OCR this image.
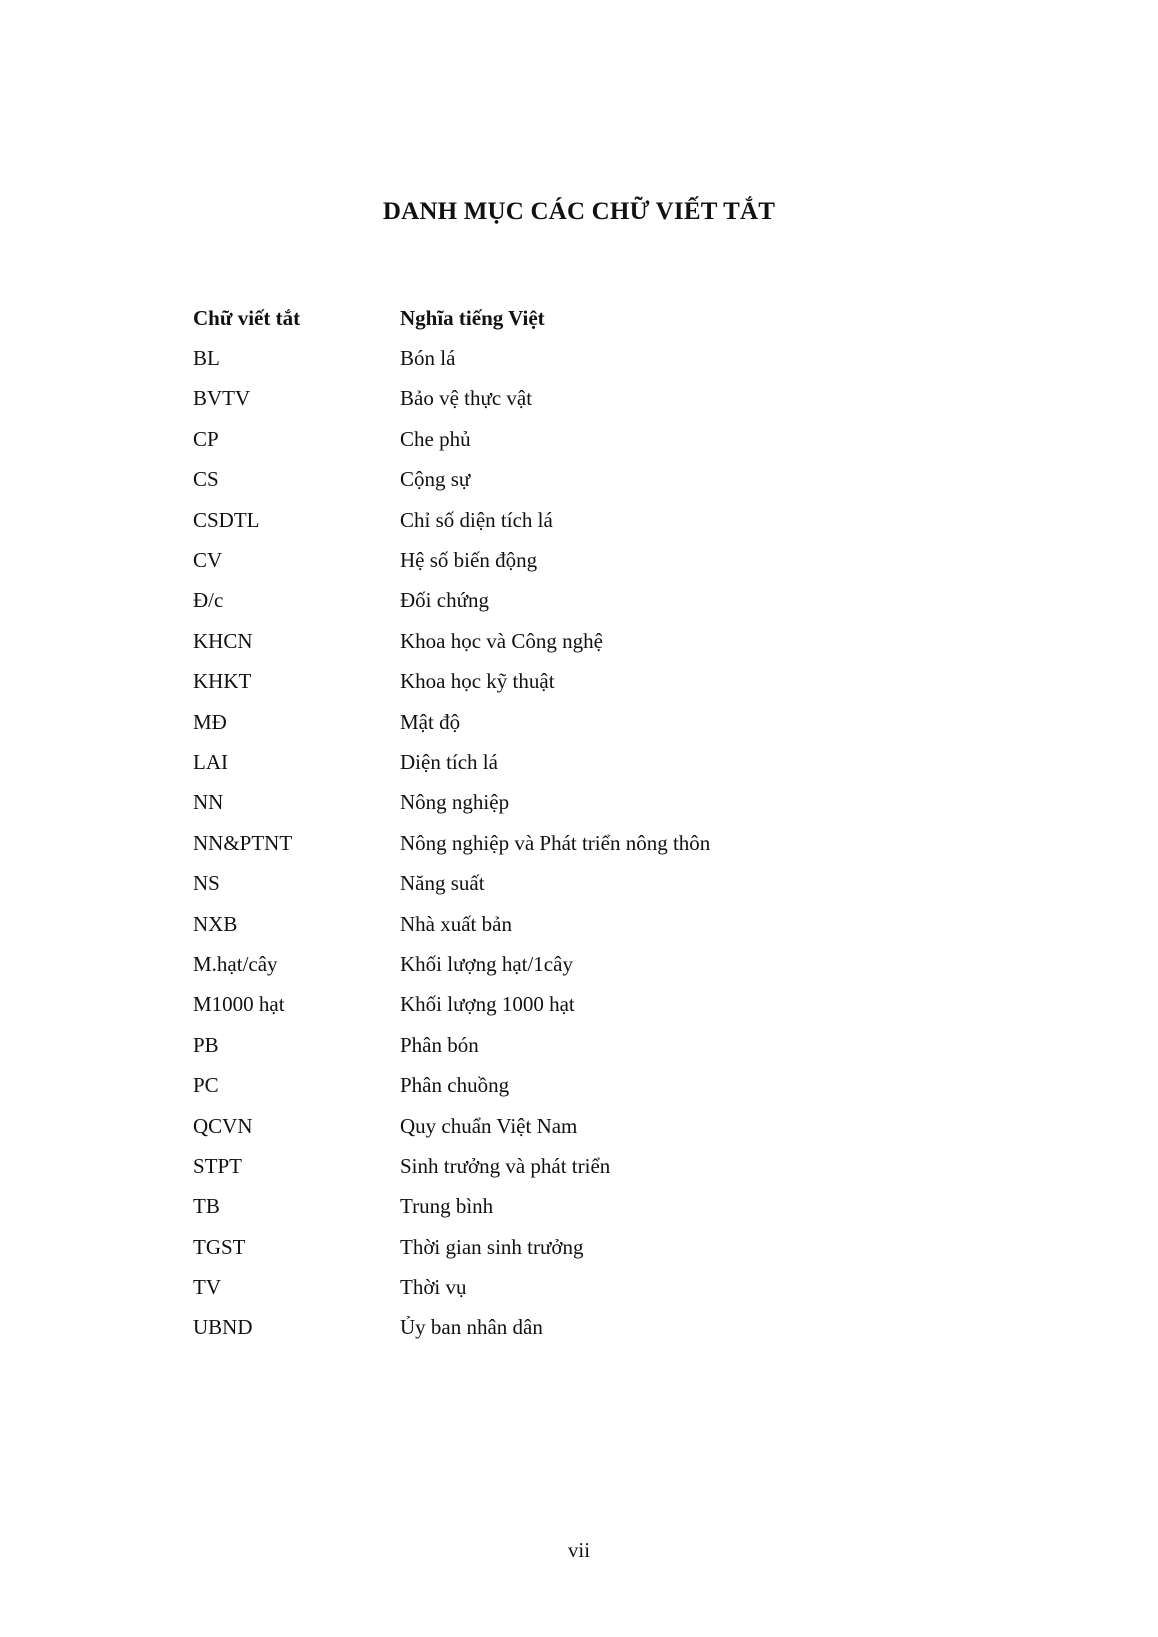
DANH MỤC CÁC CHỮ VIẾT TẮT
Chữ viết tắt	Nghĩa tiếng Việt
BL	Bón lá
BVTV	Bảo vệ thực vật
CP	Che phủ
CS	Cộng sự
CSDTL	Chỉ số diện tích lá
CV	Hệ số biến động
Đ/c	Đối chứng
KHCN	Khoa học và Công nghệ
KHKT	Khoa học kỹ thuật
MĐ	Mật độ
LAI	Diện tích lá
NN	Nông nghiệp
NN&PTNT	Nông nghiệp và Phát triển nông thôn
NS	Năng suất
NXB	Nhà xuất bản
M.hạt/cây	Khối lượng hạt/1cây
M1000 hạt	Khối lượng 1000 hạt
PB	Phân bón
PC	Phân chuồng
QCVN	Quy chuẩn Việt Nam
STPT	Sinh trưởng và phát triển
TB	Trung bình
TGST	Thời gian sinh trưởng
TV	Thời vụ
UBND	Ủy ban nhân dân
vii
